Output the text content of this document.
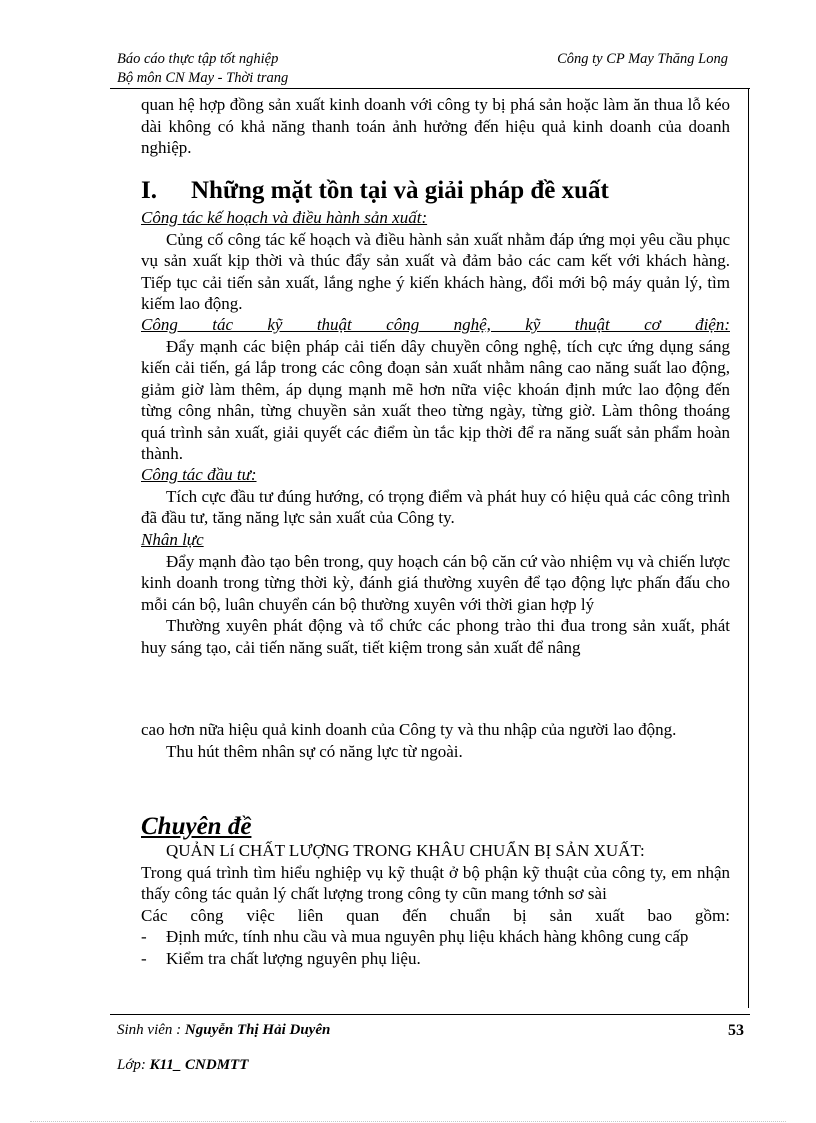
Báo cáo thực tập tốt nghiệp
Bộ môn CN May - Thời trang
Công ty CP May Thăng Long
quan hệ hợp đồng sản xuất kinh doanh với công ty bị phá sản hoặc làm ăn thua lỗ kéo dài không có khả năng thanh toán ảnh hưởng đến hiệu quả kinh doanh của doanh nghiệp.
I. Những mặt tồn tại và giải pháp đề xuất
Công tác kế hoạch và điều hành sản xuất:
Củng cố công tác kế hoạch và điều hành sản xuất nhằm đáp ứng mọi yêu cầu phục vụ sản xuất kịp thời và thúc đẩy sản xuất và đảm bảo các cam kết với khách hàng. Tiếp tục cải tiến sản xuất, lắng nghe ý kiến khách hàng, đổi mới bộ máy quản lý, tìm kiếm lao động.
Công tác kỹ thuật công nghệ, kỹ thuật cơ điện:
Đẩy mạnh các biện pháp cải tiến dây chuyền công nghệ, tích cực ứng dụng sáng kiến cải tiến, gá lắp trong các công đoạn sản xuất nhằm nâng cao năng suất lao động, giảm giờ làm thêm, áp dụng mạnh mẽ hơn nữa việc khoán định mức lao động đến từng công nhân, từng chuyền sản xuất theo từng ngày, từng giờ. Làm thông thoáng quá trình sản xuất, giải quyết các điểm ùn tắc kịp thời để ra năng suất sản phẩm hoàn thành.
Công tác đầu tư:
Tích cực đầu tư đúng hướng, có trọng điểm và phát huy có hiệu quả các công trình đã đầu tư, tăng năng lực sản xuất của Công ty.
Nhân lực
Đẩy mạnh đào tạo bên trong, quy hoạch cán bộ căn cứ vào nhiệm vụ và chiến lược kinh doanh trong từng thời kỳ, đánh giá thường xuyên để tạo động lực phấn đấu cho mỗi cán bộ, luân chuyển cán bộ thường xuyên với thời gian hợp lý
Thường xuyên phát động và tổ chức các phong trào thi đua trong sản xuất, phát huy sáng tạo, cải tiến năng suất, tiết kiệm trong sản xuất để nâng
cao hơn nữa hiệu quả kinh doanh của Công ty và thu nhập của người lao động.
Thu hút thêm nhân sự có năng lực từ ngoài.
Chuyên đề
QUẢN Lí CHẤT LƯỢNG TRONG KHÂU CHUẨN BỊ SẢN XUẤT:
Trong quá trình tìm hiểu nghiệp vụ kỹ thuật ở bộ phận kỹ thuật của công ty, em nhận thấy công tác quản lý chất lượng trong công ty cũn mang tớnh sơ sài
Các công việc liên quan đến chuẩn bị sản xuất bao gồm:
- Định mức, tính nhu cầu và mua nguyên phụ liệu khách hàng không cung cấp
- Kiểm tra chất lượng nguyên phụ liệu.
Sinh viên : Nguyễn Thị Hải Duyên	53
Lớp: K11_ CNDMTT
